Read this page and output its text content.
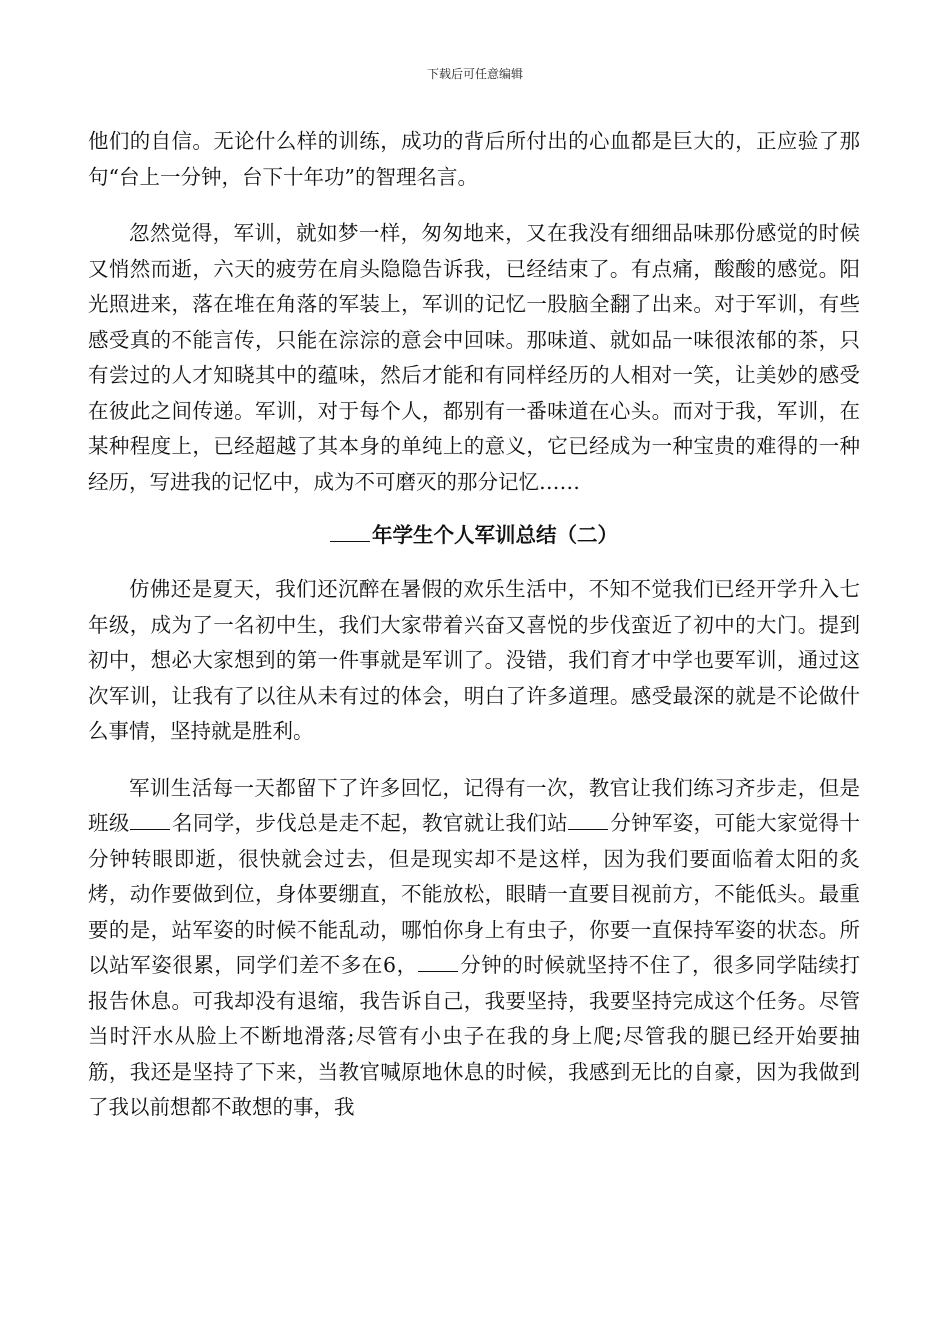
下载后可任意编辑

他们的自信。无论什么样的训练，成功的背后所付出的心血都是巨大的，正应验了那句“台上一分钟，台下十年功”的智理名言。

忽然觉得，军训，就如梦一样，匆匆地来，又在我没有细细品味那份感觉的时候又悄然而逝，六天的疲劳在肩头隐隐告诉我，已经结束了。有点痛，酸酸的感觉。阳光照进来，落在堆在角落的军装上，军训的记忆一股脑全翻了出来。对于军训，有些感受真的不能言传，只能在淙淙的意会中回味。那味道、就如品一味很浓郁的茶，只有尝过的人才知晓其中的蕴味，然后才能和有同样经历的人相对一笑，让美妙的感受在彼此之间传递。军训，对于每个人，都别有一番味道在心头。而对于我，军训，在某种程度上，已经超越了其本身的单纯上的意义，它已经成为一种宝贵的难得的一种经历，写进我的记忆中，成为不可磨灭的那分记忆……

年学生个人军训总结（二）

仿佛还是夏天，我们还沉醉在暑假的欢乐生活中，不知不觉我们已经开学升入七年级，成为了一名初中生，我们大家带着兴奋又喜悦的步伐蛮近了初中的大门。提到初中，想必大家想到的第一件事就是军训了。没错，我们育才中学也要军训，通过这次军训，让我有了以往从未有过的体会，明白了许多道理。感受最深的就是不论做什么事情，坚持就是胜利。

军训生活每一天都留下了许多回忆，记得有一次，教官让我们练习齐步走，但是班级 名同学，步伐总是走不起，教官就让我们站 分钟军姿，可能大家觉得十分钟转眼即逝，很快就会过去，但是现实却不是这样，因为我们要面临着太阳的炙烤，动作要做到位，身体要绷直，不能放松，眼睛一直要目视前方，不能低头。最重要的是，站军姿的时候不能乱动，哪怕你身上有虫子，你要一直保持军姿的状态。所以站军姿很累，同学们差不多在6， 分钟的时候就坚持不住了，很多同学陆续打报告休息。可我却没有退缩，我告诉自己，我要坚持，我要坚持完成这个任务。尽管当时汗水从脸上不断地滑落;尽管有小虫子在我的身上爬;尽管我的腿已经开始要抽筋，我还是坚持了下来，当教官喊原地休息的时候，我感到无比的自豪，因为我做到了我以前想都不敢想的事，我
